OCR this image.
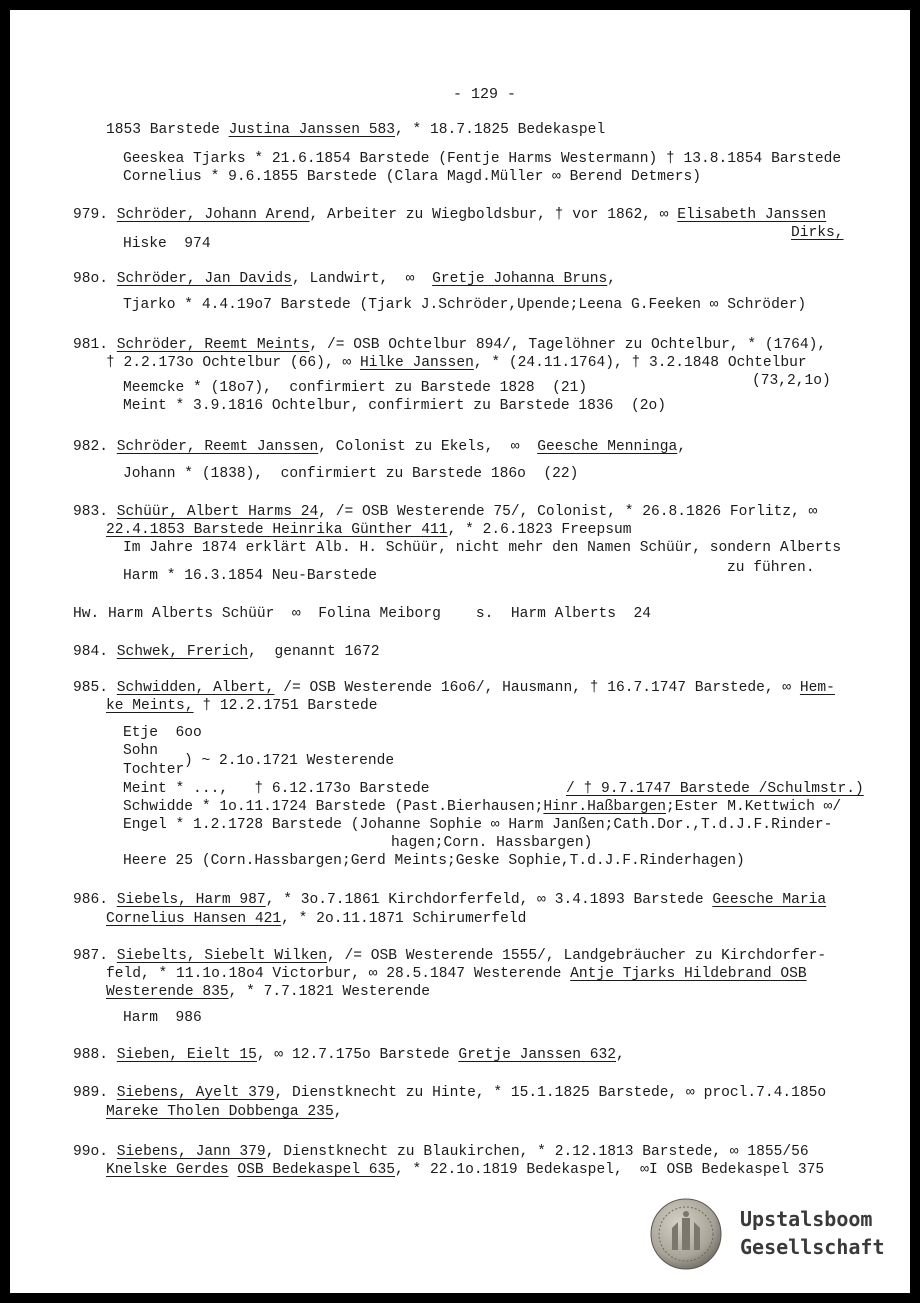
- 129 -
1853 Barstede Justina Janssen 583, * 18.7.1825 Bedekaspel
Geeskea Tjarks * 21.6.1854 Barstede (Fentje Harms Westermann) † 13.8.1854 Barstede
Cornelius * 9.6.1855 Barstede (Clara Magd.Müller ∞ Berend Detmers)
979. Schröder, Johann Arend, Arbeiter zu Wiegboldsbur, † vor 1862, ∞ Elisabeth Janssen
Dirks,
Hiske  974
98o. Schröder, Jan Davids, Landwirt,  ∞  Gretje Johanna Bruns,
Tjarko * 4.4.19o7 Barstede (Tjark J.Schröder,Upende;Leena G.Feeken ∞ Schröder)
981. Schröder, Reemt Meints, /= OSB Ochtelbur 894/, Tagelöhner zu Ochtelbur, * (1764),
† 2.2.173o Ochtelbur (66), ∞ Hilke Janssen, * (24.11.1764), † 3.2.1848 Ochtelbur
(73,2,1o)
Meemcke * (18o7),  confirmiert zu Barstede 1828  (21)
Meint * 3.9.1816 Ochtelbur, confirmiert zu Barstede 1836  (2o)
982. Schröder, Reemt Janssen, Colonist zu Ekels,  ∞  Geesche Menninga,
Johann * (1838),  confirmiert zu Barstede 186o  (22)
983. Schüür, Albert Harms 24, /= OSB Westerende 75/, Colonist, * 26.8.1826 Forlitz, ∞
22.4.1853 Barstede Heinrika Günther 411, * 2.6.1823 Freepsum
Im Jahre 1874 erklärt Alb. H. Schüür, nicht mehr den Namen Schüür, sondern Alberts
zu führen.
Harm * 16.3.1854 Neu-Barstede
Hw. Harm Alberts Schüür  ∞  Folina Meiborg    s.  Harm Alberts  24
984. Schwek, Frerich,  genannt 1672
985. Schwidden, Albert, /= OSB Westerende 16o6/, Hausmann, † 16.7.1747 Barstede, ∞ Hem-
ke Meints, † 12.2.1751 Barstede
Etje  6oo
Sohn
Tochter
) ~ 2.1o.1721 Westerende
Meint * ...,   † 6.12.173o Barstede	/ † 9.7.1747 Barstede /Schulmstr.)
Schwidde * 1o.11.1724 Barstede (Past.Bierhausen;Hinr.Haßbargen;Ester M.Kettwich ∞/
Engel * 1.2.1728 Barstede (Johanne Sophie ∞ Harm Janßen;Cath.Dor.,T.d.J.F.Rinder-
hagen;Corn. Hassbargen)
Heere 25 (Corn.Hassbargen;Gerd Meints;Geske Sophie,T.d.J.F.Rinderhagen)
986. Siebels, Harm 987, * 3o.7.1861 Kirchdorferfeld, ∞ 3.4.1893 Barstede Geesche Maria
Cornelius Hansen 421, * 2o.11.1871 Schirumerfeld
987. Siebelts, Siebelt Wilken, /= OSB Westerende 1555/, Landgebräucher zu Kirchdorfer-
feld, * 11.1o.18o4 Victorbur, ∞ 28.5.1847 Westerende Antje Tjarks Hildebrand OSB
Westerende 835, * 7.7.1821 Westerende
Harm  986
988. Sieben, Eielt 15, ∞ 12.7.175o Barstede Gretje Janssen 632,
989. Siebens, Ayelt 379, Dienstknecht zu Hinte, * 15.1.1825 Barstede, ∞ procl.7.4.185o
Mareke Tholen Dobbenga 235,
99o. Siebens, Jann 379, Dienstknecht zu Blaukirchen, * 2.12.1813 Barstede, ∞ 1855/56
Knelske Gerdes OSB Bedekaspel 635, * 22.1o.1819 Bedekaspel,  ∞I OSB Bedekaspel 375
Upstalsboom
Gesellschaft
